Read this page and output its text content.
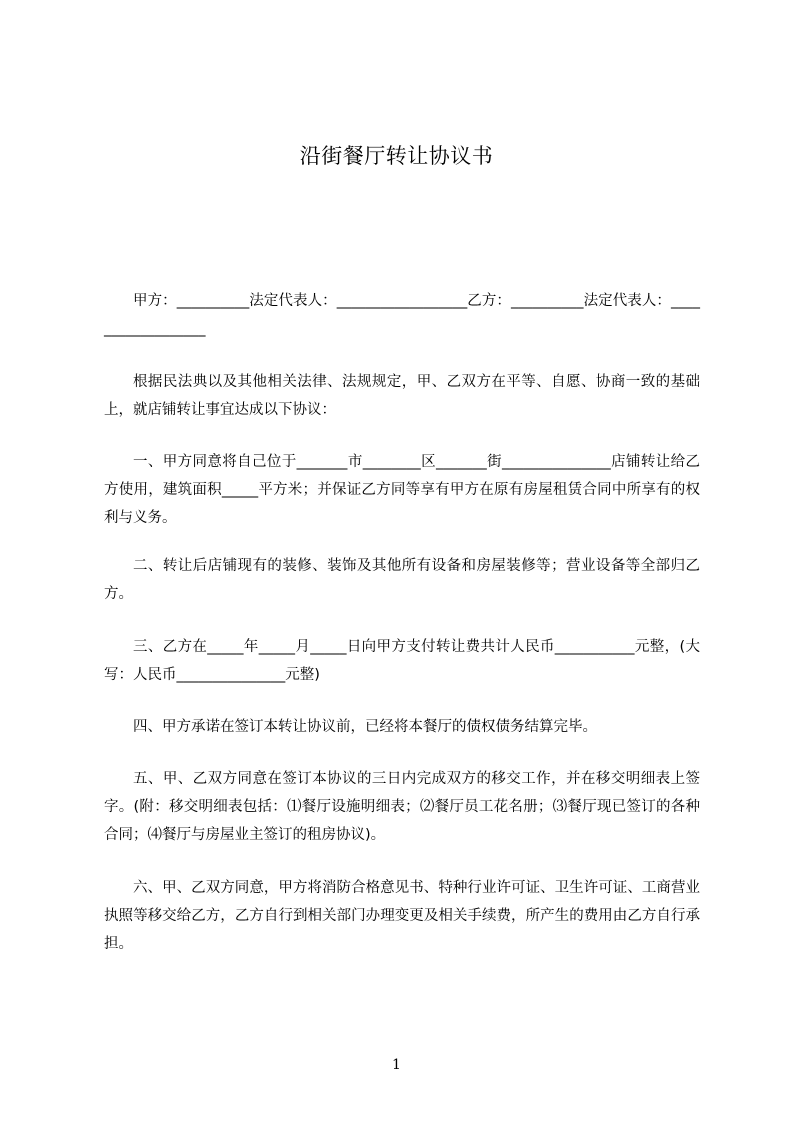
沿街餐厅转让协议书

甲方：__________法定代表人：__________________乙方：__________法定代表人：__________________

根据民法典以及其他相关法律、法规规定，甲、乙双方在平等、自愿、协商一致的基础上，就店铺转让事宜达成以下协议：

一、甲方同意将自己位于_______市________区_______街_______________店铺转让给乙方使用，建筑面积_____平方米；并保证乙方同等享有甲方在原有房屋租赁合同中所享有的权利与义务。

二、转让后店铺现有的装修、装饰及其他所有设备和房屋装修等；营业设备等全部归乙方。

三、乙方在_____年_____月_____日向甲方支付转让费共计人民币___________元整，(大写：人民币_______________元整)

四、甲方承诺在签订本转让协议前，已经将本餐厅的债权债务结算完毕。

五、甲、乙双方同意在签订本协议的三日内完成双方的移交工作，并在移交明细表上签字。(附：移交明细表包括：⑴餐厅设施明细表；⑵餐厅员工花名册；⑶餐厅现已签订的各种合同；⑷餐厅与房屋业主签订的租房协议)。

六、甲、乙双方同意，甲方将消防合格意见书、特种行业许可证、卫生许可证、工商营业执照等移交给乙方，乙方自行到相关部门办理变更及相关手续费，所产生的费用由乙方自行承担。

1
